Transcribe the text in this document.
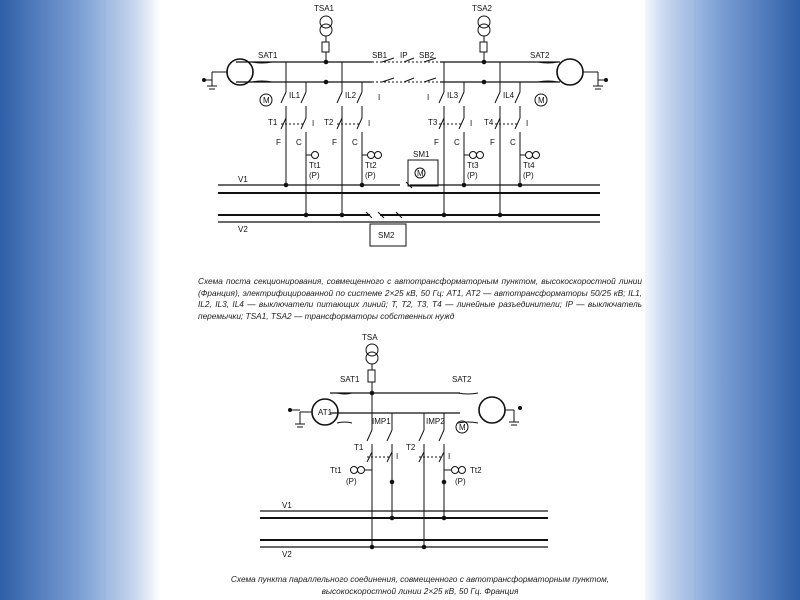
TSA1	TSA2
M
SAT1
M
SAT2
SB1 IP SB2
I	I
IL1
T1
F C
Tt1
(P)
IL2
T2
F C
Tt2
(P)
IL3
T3
F C
Tt3
(P)
IL4
T4
F C
Tt4
(P)
I	I	I	I
V1
M
SM1
V2
SM2
TSA
AT1
SAT1
M
SAT2
IMP1
T1
I
IMP2
T2
I
Tt1
(P)
Tt2
(P)
V1
V2
Схема поста секционирования, совмещенного с автотрансформаторным пунктом, высокоскоростной линии (Франция), электрифицированной по системе 2×25 кВ, 50 Гц: AT1, AT2 — автотрансформаторы 50/25 кВ; IL1, IL2, IL3, IL4 — выключатели питающих линий; T, T2, T3, T4 — линейные разъединители; IP — выключатель перемычки; TSA1, TSA2 — трансформаторы собственных нужд
Схема пункта параллельного соединения, совмещенного с автотрансформаторным пунктом, высокоскоростной линии 2×25 кВ, 50 Гц. Франция
